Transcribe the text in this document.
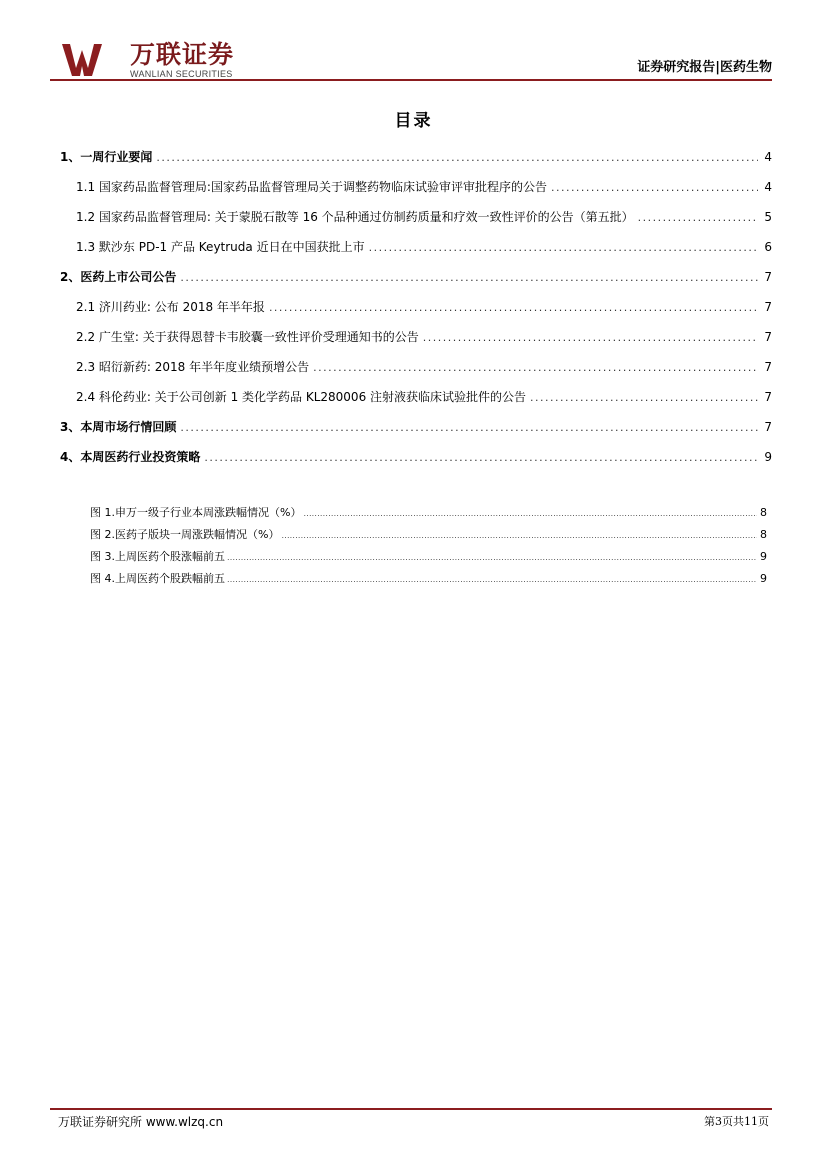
万联证券
WANLIAN SECURITIES	证券研究报告|医药生物
目录
1、一周行业要闻 .....	4
1.1 国家药品监督管理局:国家药品监督管理局关于调整药物临床试验审评审批程序的公告 .....	4
1.2 国家药品监督管理局: 关于蒙脱石散等 16 个品种通过仿制药质量和疗效一致性评价的公告（第五批） .....	5
1.3 默沙东 PD-1 产品 Keytruda 近日在中国获批上市 .....	6
2、医药上市公司公告 .....	7
2.1 济川药业: 公布 2018 年半年报 .....	7
2.2 广生堂: 关于获得恩替卡韦胶囊一致性评价受理通知书的公告 .....	7
2.3 昭衍新药: 2018 年半年度业绩预增公告 .....	7
2.4 科伦药业: 关于公司创新 1 类化学药品 KL280006 注射液获临床试验批件的公告 .....	7
3、本周市场行情回顾 .....	7
4、本周医药行业投资策略 .....	9
图 1.申万一级子行业本周涨跌幅情况（%） .....	8
图 2.医药子版块一周涨跌幅情况（%） .....	8
图 3.上周医药个股涨幅前五 .....	9
图 4.上周医药个股跌幅前五 .....	9
万联证券研究所 www.wlzq.cn	第3页共11页
